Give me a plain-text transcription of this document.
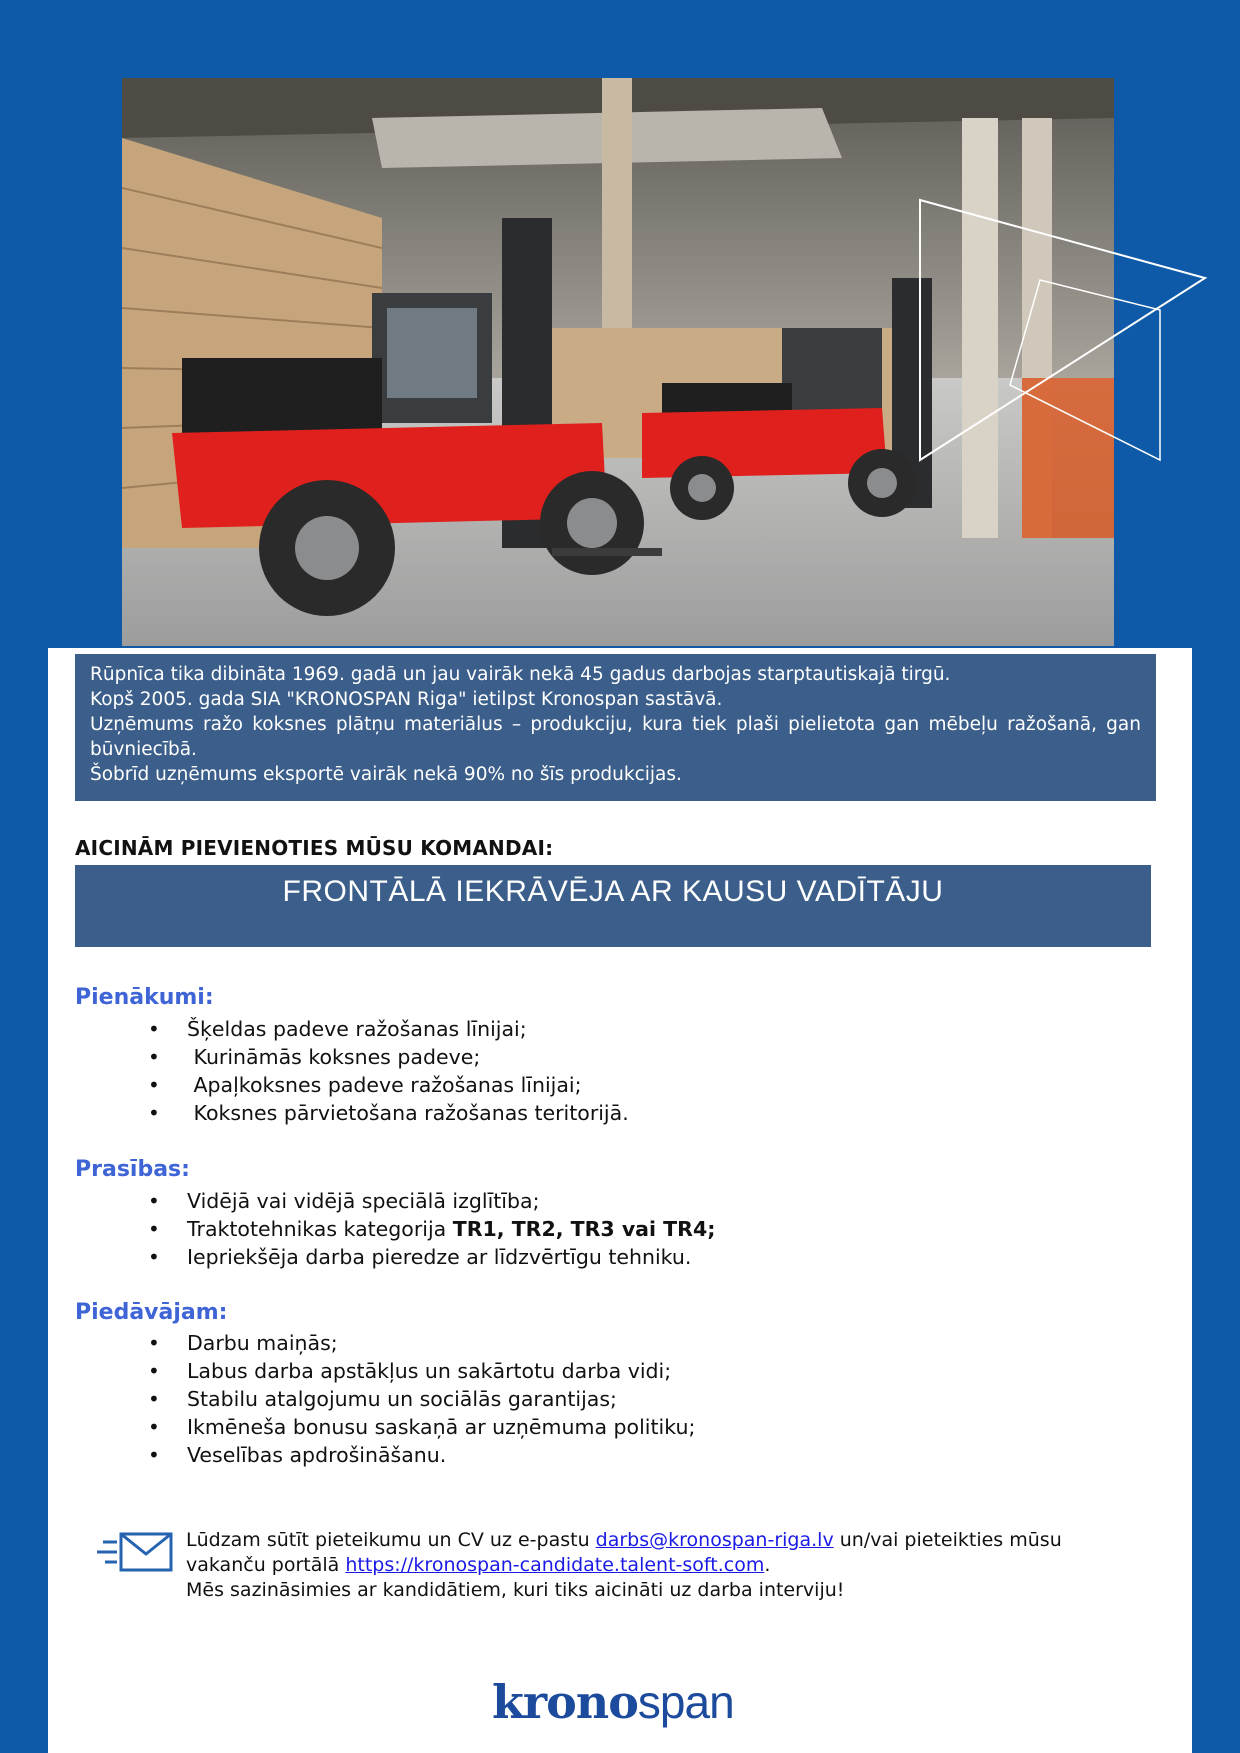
Rūpnīca tika dibināta 1969. gadā un jau vairāk nekā 45 gadus darbojas starptautiskajā tirgū.

Kopš 2005. gada SIA "KRONOSPAN Riga" ietilpst Kronospan sastāvā.

Uzņēmums ražo koksnes plātņu materiālus – produkciju, kura tiek plaši pielietota gan mēbeļu ražošanā, gan būvniecībā.

Šobrīd uzņēmums eksportē vairāk nekā 90% no šīs produkcijas.

AICINĀM PIEVIENOTIES MŪSU KOMANDAI:
FRONTĀLĀ IEKRĀVĒJA AR KAUSU VADĪTĀJU
Pienākumi:
• Šķeldas padeve ražošanas līnijai;
•  Kurināmās koksnes padeve;
•  Apaļkoksnes padeve ražošanas līnijai;
•  Koksnes pārvietošana ražošanas teritorijā.
Prasības:
• Vidējā vai vidējā speciālā izglītība;
• Traktotehnikas kategorija TR1, TR2, TR3 vai TR4;
• Iepriekšēja darba pieredze ar līdzvērtīgu tehniku.
Piedāvājam:
• Darbu maiņās;
• Labus darba apstākļus un sakārtotu darba vidi;
• Stabilu atalgojumu un sociālās garantijas;
• Ikmēneša bonusu saskaņā ar uzņēmuma politiku;
• Veselības apdrošināšanu.
Lūdzam sūtīt pieteikumu un CV uz e-pastu darbs@kronospan-riga.lv un/vai pieteikties mūsu vakanču portālā https://kronospan-candidate.talent-soft.com.
Mēs sazināsimies ar kandidātiem, kuri tiks aicināti uz darba interviju!
kronospan
